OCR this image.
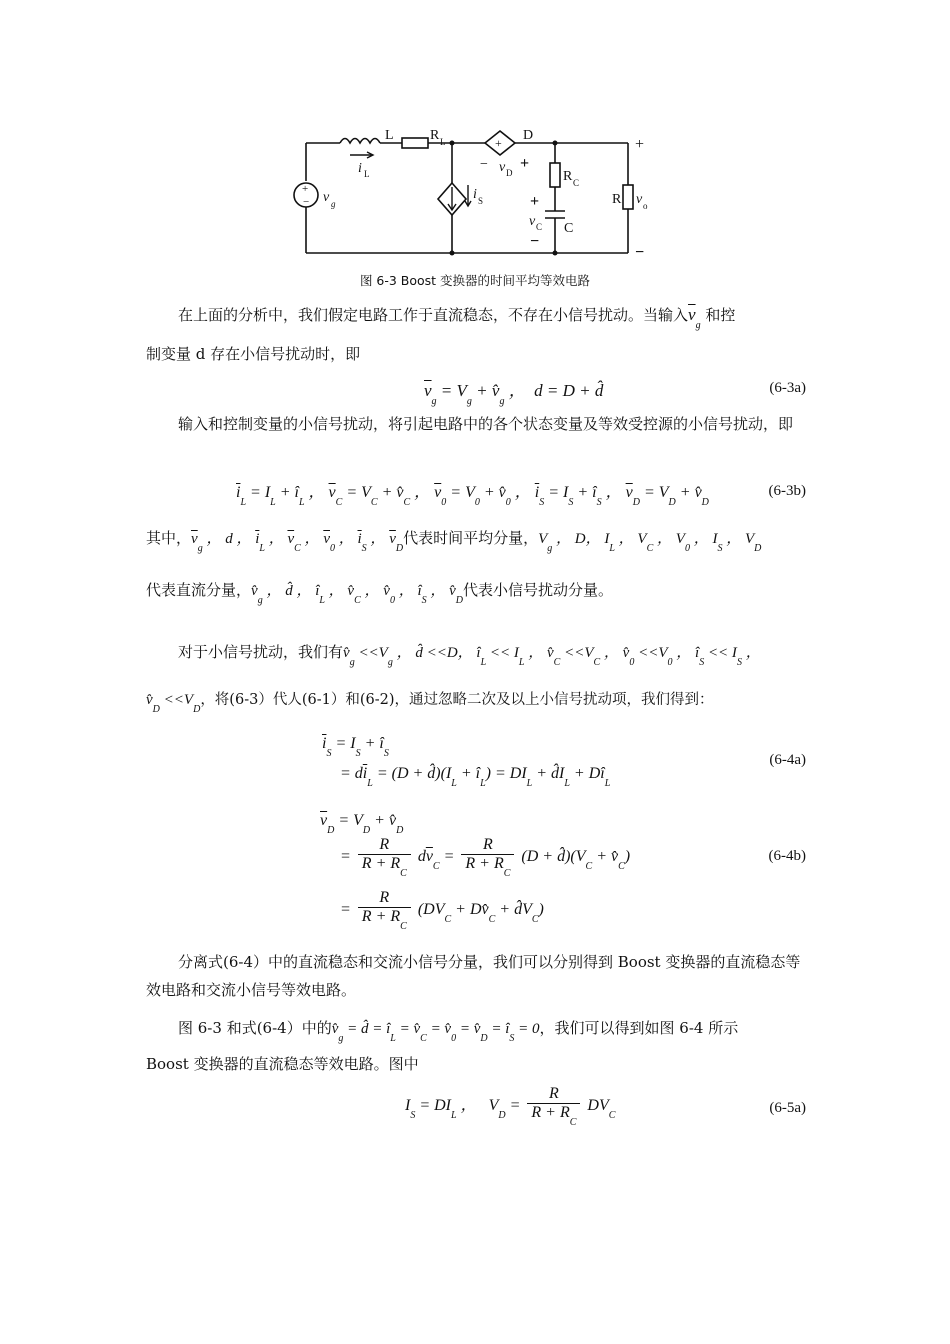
+
− v g
L
i L
R L
i S
D
+
− v D
+
R C
+
v C
−
C
R v o
+
−
图 6-3 Boost 变换器的时间平均等效电路
在上面的分析中，我们假定电路工作于直流稳态，不存在小信号扰动。当输入$\overline{v}_g$ 和控
制变量 d 存在小信号扰动时，即
$\overline{v}_g = V_g$ + $v̂_g$ ，  d = D + d̂	(6-3a)
输入和控制变量的小信号扰动，将引起电路中的各个状态变量及等效受控源的小信号扰动，即
$\overline{i}_L = I_L$ + $î_L$ ， $\overline{v}_C = V_C$ + $v̂_C$ ， $\overline{v}_0 = V_0$ + $v̂_0$ ， $\overline{i}_S = I_S$ + $î_S$ ， $\overline{v}_D = V_D$ + $v̂_D$
(6-3b)
其中，$\overline{v}_g$ ， d ， $\overline{i}_L$ ， $\overline{v}_C$ ， $\overline{v}_0$ ， $\overline{i}_S$ ， $\overline{v}_D$代表时间平均分量，$V_g$ ， D， $I_L$ ， $V_C$ ， $V_0$ ， $I_S$ ， $V_D$
代表直流分量，$v̂_g$ ， d̂ ， $î_L$ ， $v̂_C$ ， $v̂_0$ ， $î_S$ ， $v̂_D$代表小信号扰动分量。
对于小信号扰动，我们有$v̂_g <<V_g$ ， d̂ <<D， $î_L << I_L$ ， $v̂_C <<V_C$ ， $v̂_0 <<V_0$ ， $î_S << I_S$ ，
$v̂_D <<V_D$，将(6-3）代人(6-1）和(6-2)，通过忽略二次及以上小信号扰动项，我们得到：
$\overline{i}_S = I_S$ + $î_S$
= $d\overline{i}_L = (D$ + $d̂)(I_L$ + $î_L) = DI_L$ + $d̂I_L$ + $Dî_L$
(6-4a)
$\overline{v}_D = V_D$ + $v̂_D$
= $\frac{R}{R + R_C} d\overline{v}_C = \frac{R}{R + R_C} (D$ + $d̂)(V_C$ + $v̂_C$)
= $\frac{R}{R + R_C} (DV_C$ + $Dv̂_C$ + $d̂V_C$)
(6-4b)
分离式(6-4）中的直流稳态和交流小信号分量，我们可以分别得到 Boost 变换器的直流稳态等效电路和交流小信号等效电路。
图 6-3 和式(6-4）中的$v̂_g$ = d̂ = $î_L$ = $v̂_C$ = $v̂_0$ = $v̂_D$ = $î_S = 0$，我们可以得到如图 6-4 所示
Boost 变换器的直流稳态等效电路。图中
$I_S = DI_L$ ，   $V_D = \frac{R}{R + R_C} DV_C$	(6-5a)
